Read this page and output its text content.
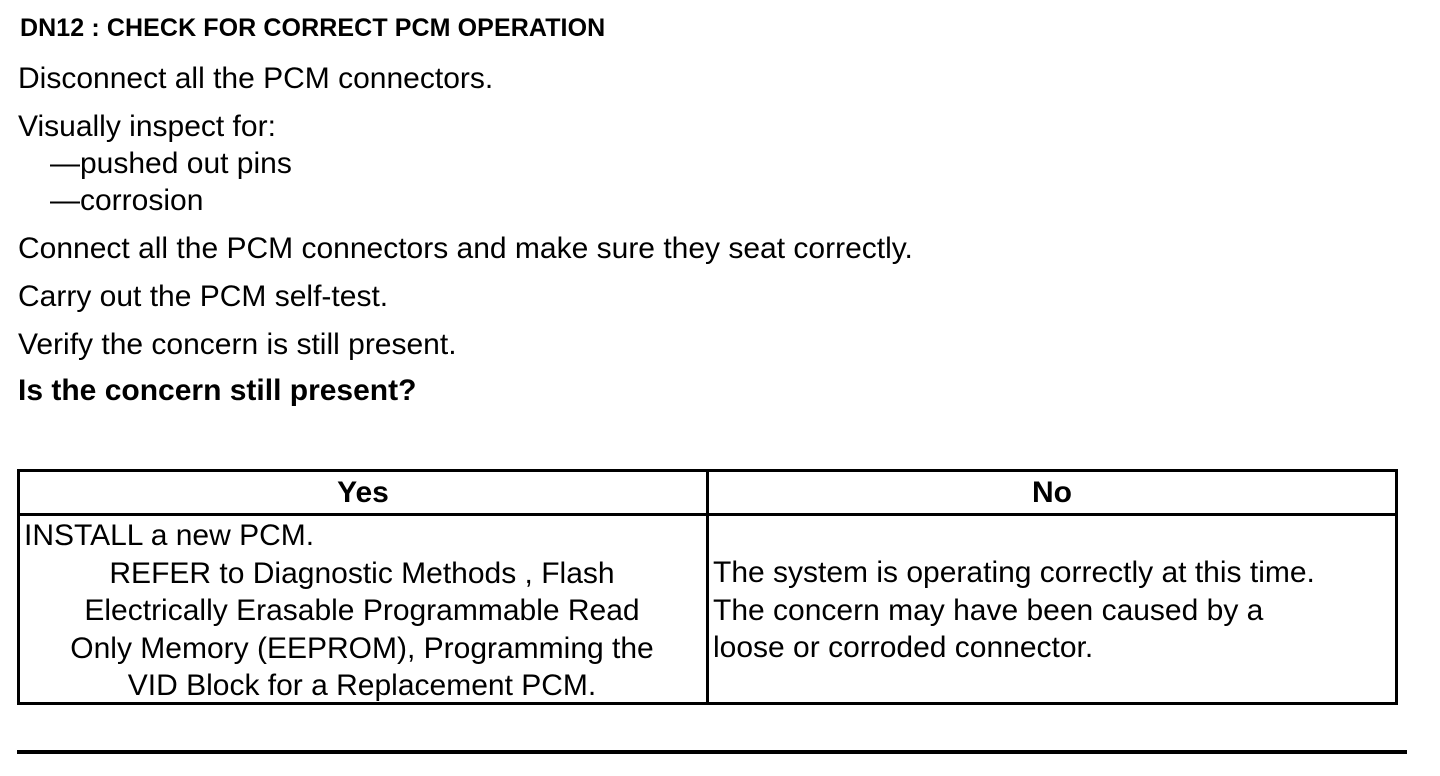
DN12 : CHECK FOR CORRECT PCM OPERATION
Disconnect all the PCM connectors.
Visually inspect for:
—pushed out pins
—corrosion
Connect all the PCM connectors and make sure they seat correctly.
Carry out the PCM self-test.
Verify the concern is still present.
Is the concern still present?
Yes	No
INSTALL a new PCM.
REFER to Diagnostic Methods , Flash
Electrically Erasable Programmable Read
Only Memory (EEPROM), Programming the
VID Block for a Replacement PCM.
The system is operating correctly at this time.
The concern may have been caused by a
loose or corroded connector.
